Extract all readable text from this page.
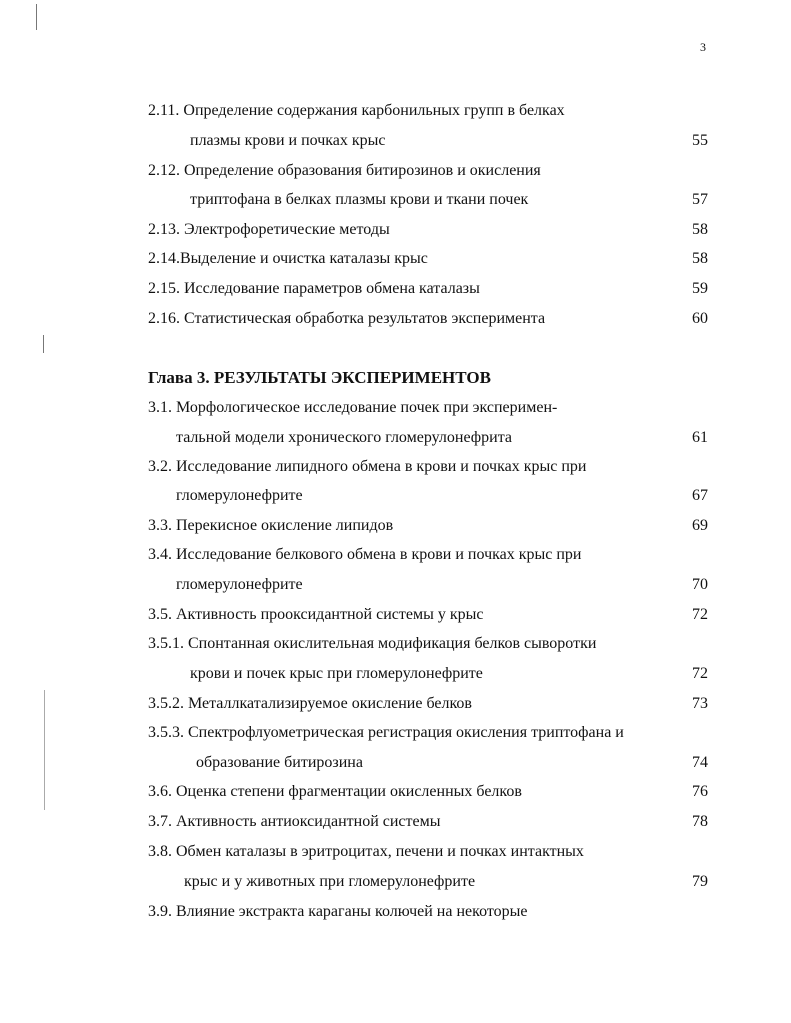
3
2.11. Определение содержания карбонильных групп в белках
плазмы крови и почках крыс	55
2.12. Определение образования битирозинов и окисления
триптофана в белках плазмы крови и ткани почек	57
2.13. Электрофоретические методы	58
2.14.Выделение и очистка каталазы крыс	58
2.15. Исследование параметров обмена каталазы	59
2.16. Статистическая обработка результатов эксперимента	60
Глава 3. РЕЗУЛЬТАТЫ ЭКСПЕРИМЕНТОВ
3.1. Морфологическое исследование почек при эксперимен-
тальной модели хронического гломерулонефрита	61
3.2. Исследование липидного обмена в крови и почках крыс при
гломерулонефрите	67
3.3. Перекисное окисление липидов	69
3.4. Исследование белкового обмена в крови и почках крыс при
гломерулонефрите	70
3.5. Активность прооксидантной системы у крыс	72
3.5.1. Спонтанная окислительная модификация белков сыворотки
крови и почек крыс при гломерулонефрите	72
3.5.2. Металлкатализируемое окисление белков	73
3.5.3. Спектрофлуометрическая регистрация окисления триптофана и
образование битирозина	74
3.6. Оценка степени фрагментации окисленных белков	76
3.7. Активность антиоксидантной системы	78
3.8. Обмен каталазы в эритроцитах, печени и почках интактных
крыс и у животных при гломерулонефрите	79
3.9. Влияние экстракта караганы колючей на некоторые
